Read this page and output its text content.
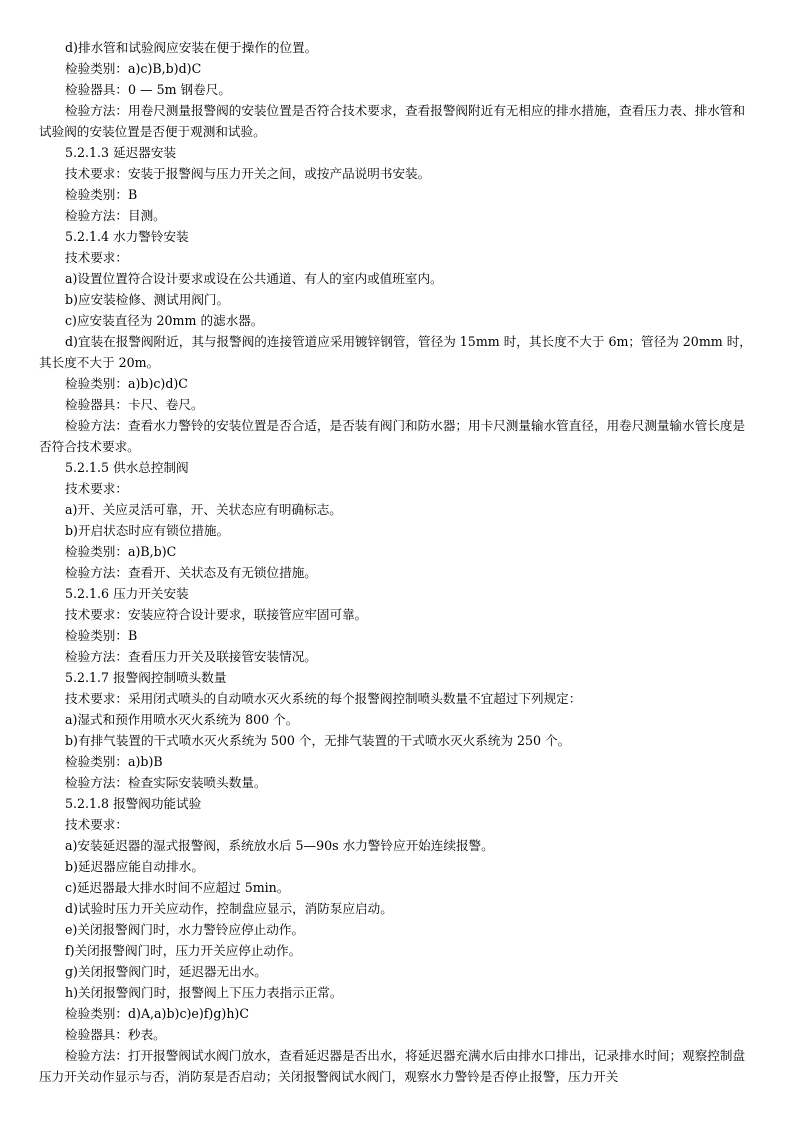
d)排水管和试验阀应安装在便于操作的位置。

检验类别：a)c)B,b)d)C

检验器具：0 — 5m 钢卷尺。

检验方法：用卷尺测量报警阀的安装位置是否符合技术要求，查看报警阀附近有无相应的排水措施，查看压力表、排水管和试验阀的安装位置是否便于观测和试验。

5.2.1.3 延迟器安装

技术要求：安装于报警阀与压力开关之间，或按产品说明书安装。

检验类别：B

检验方法：目测。

5.2.1.4 水力警铃安装

技术要求：

a)设置位置符合设计要求或设在公共通道、有人的室内或值班室内。

b)应安装检修、测试用阀门。

c)应安装直径为 20mm 的滤水器。

d)宜装在报警阀附近，其与报警阀的连接管道应采用镀锌钢管，管径为 15mm 时，其长度不大于 6m；管径为 20mm 时，其长度不大于 20m。

检验类别：a)b)c)d)C

检验器具：卡尺、卷尺。

检验方法：查看水力警铃的安装位置是否合适，是否装有阀门和防水器；用卡尺测量输水管直径，用卷尺测量输水管长度是否符合技术要求。

5.2.1.5 供水总控制阀

技术要求：

a)开、关应灵活可靠，开、关状态应有明确标志。

b)开启状态时应有锁位措施。

检验类别：a)B,b)C

检验方法：查看开、关状态及有无锁位措施。

5.2.1.6 压力开关安装

技术要求：安装应符合设计要求，联接管应牢固可靠。

检验类别：B

检验方法：查看压力开关及联接管安装情况。

5.2.1.7 报警阀控制喷头数量

技术要求：采用闭式喷头的自动喷水灭火系统的每个报警阀控制喷头数量不宜超过下列规定：

a)湿式和预作用喷水灭火系统为 800 个。

b)有排气装置的干式喷水灭火系统为 500 个，无排气装置的干式喷水灭火系统为 250 个。

检验类别：a)b)B

检验方法：检查实际安装喷头数量。

5.2.1.8 报警阀功能试验

技术要求：

a)安装延迟器的湿式报警阀，系统放水后 5—90s 水力警铃应开始连续报警。

b)延迟器应能自动排水。

c)延迟器最大排水时间不应超过 5min。

d)试验时压力开关应动作，控制盘应显示，消防泵应启动。

e)关闭报警阀门时，水力警铃应停止动作。

f)关闭报警阀门时，压力开关应停止动作。

g)关闭报警阀门时，延迟器无出水。

h)关闭报警阀门时，报警阀上下压力表指示正常。

检验类别：d)A,a)b)c)e)f)g)h)C

检验器具：秒表。

检验方法：打开报警阀试水阀门放水，查看延迟器是否出水，将延迟器充满水后由排水口排出，记录排水时间；观察控制盘压力开关动作显示与否，消防泵是否启动；关闭报警阀试水阀门，观察水力警铃是否停止报警，压力开关
